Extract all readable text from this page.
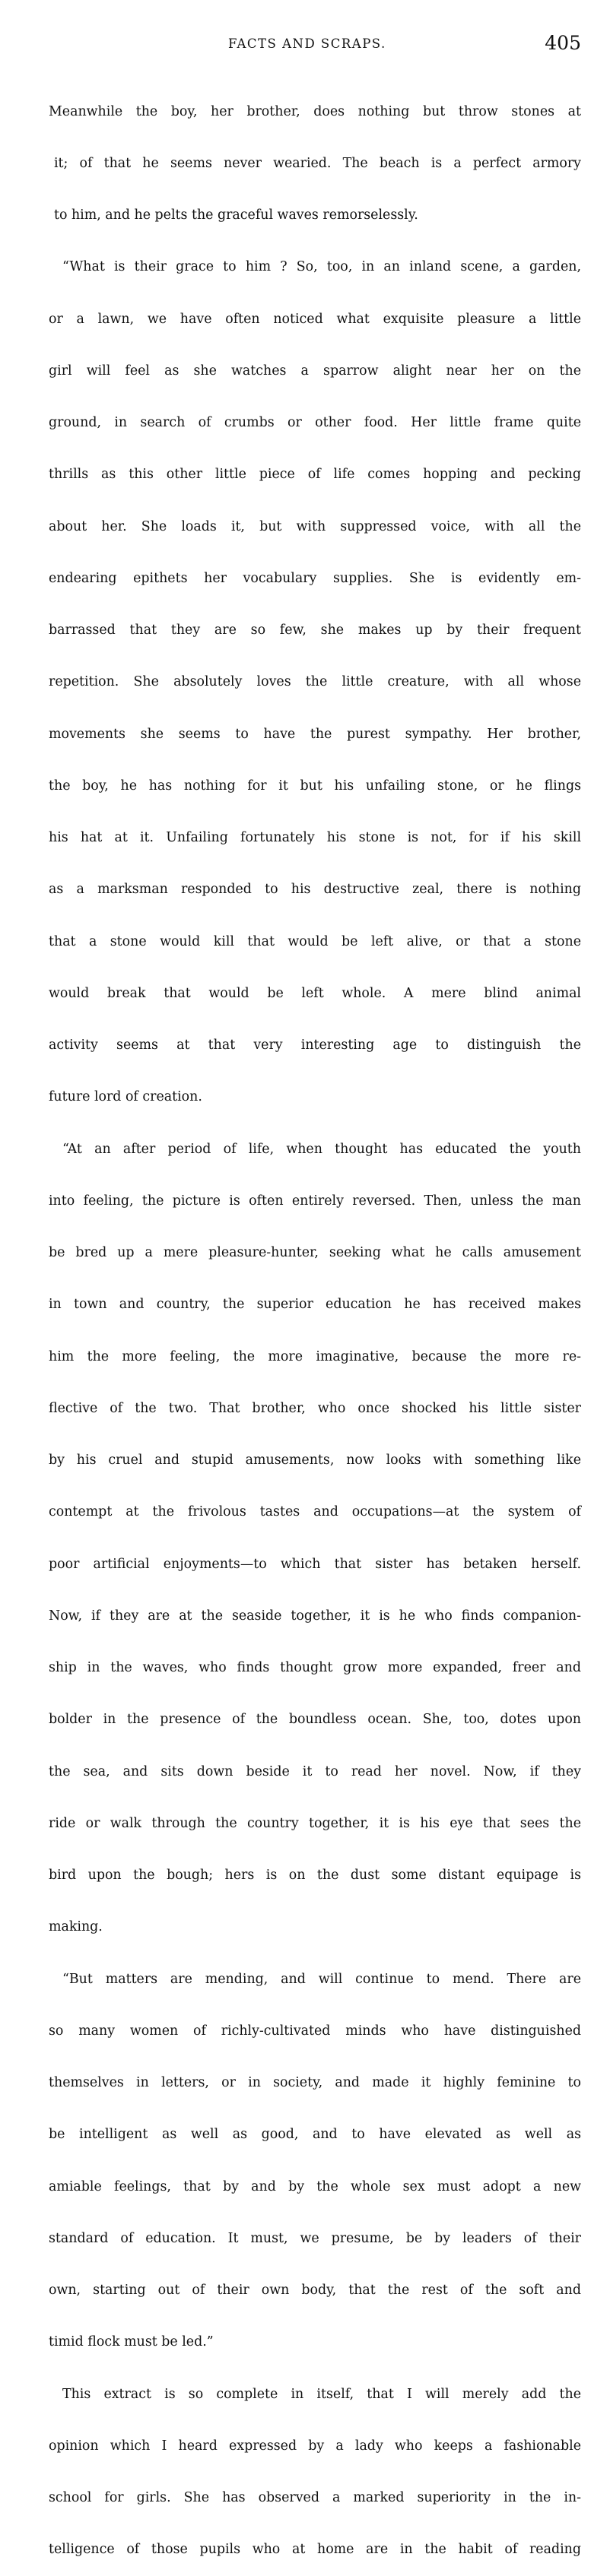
FACTS AND SCRAPS.	405

Meanwhile the boy, her brother, does nothing but throw stones at

it; of that he seems never wearied. The beach is a perfect armory

to him, and he pelts the graceful waves remorselessly.

“What is their grace to him ? So, too, in an inland scene, a garden,

or a lawn, we have often noticed what exquisite pleasure a little

girl will feel as she watches a sparrow alight near her on the

ground, in search of crumbs or other food. Her little frame quite

thrills as this other little piece of life comes hopping and pecking

about her. She loads it, but with suppressed voice, with all the

endearing epithets her vocabulary supplies. She is evidently em-

barrassed that they are so few, she makes up by their frequent

repetition. She absolutely loves the little creature, with all whose

movements she seems to have the purest sympathy. Her brother,

the boy, he has nothing for it but his unfailing stone, or he flings

his hat at it. Unfailing fortunately his stone is not, for if his skill

as a marksman responded to his destructive zeal, there is nothing

that a stone would kill that would be left alive, or that a stone

would break that would be left whole. A mere blind animal

activity seems at that very interesting age to distinguish the

future lord of creation.

“At an after period of life, when thought has educated the youth

into feeling, the picture is often entirely reversed. Then, unless the man

be bred up a mere pleasure-hunter, seeking what he calls amusement

in town and country, the superior education he has received makes

him the more feeling, the more imaginative, because the more re-

flective of the two. That brother, who once shocked his little sister

by his cruel and stupid amusements, now looks with something like

contempt at the frivolous tastes and occupations—at the system of

poor artificial enjoyments—to which that sister has betaken herself.

Now, if they are at the seaside together, it is he who finds companion-

ship in the waves, who finds thought grow more expanded, freer and

bolder in the presence of the boundless ocean. She, too, dotes upon

the sea, and sits down beside it to read her novel. Now, if they

ride or walk through the country together, it is his eye that sees the

bird upon the bough; hers is on the dust some distant equipage is

making.

“But matters are mending, and will continue to mend. There are

so many women of richly-cultivated minds who have distinguished

themselves in letters, or in society, and made it highly feminine to

be intelligent as well as good, and to have elevated as well as

amiable feelings, that by and by the whole sex must adopt a new

standard of education. It must, we presume, be by leaders of their

own, starting out of their own body, that the rest of the soft and

timid flock must be led.”

This extract is so complete in itself, that I will merely add the

opinion which I heard expressed by a lady who keeps a fashionable

school for girls. She has observed a marked superiority in the in-

telligence of those pupils who at home are in the habit of reading
